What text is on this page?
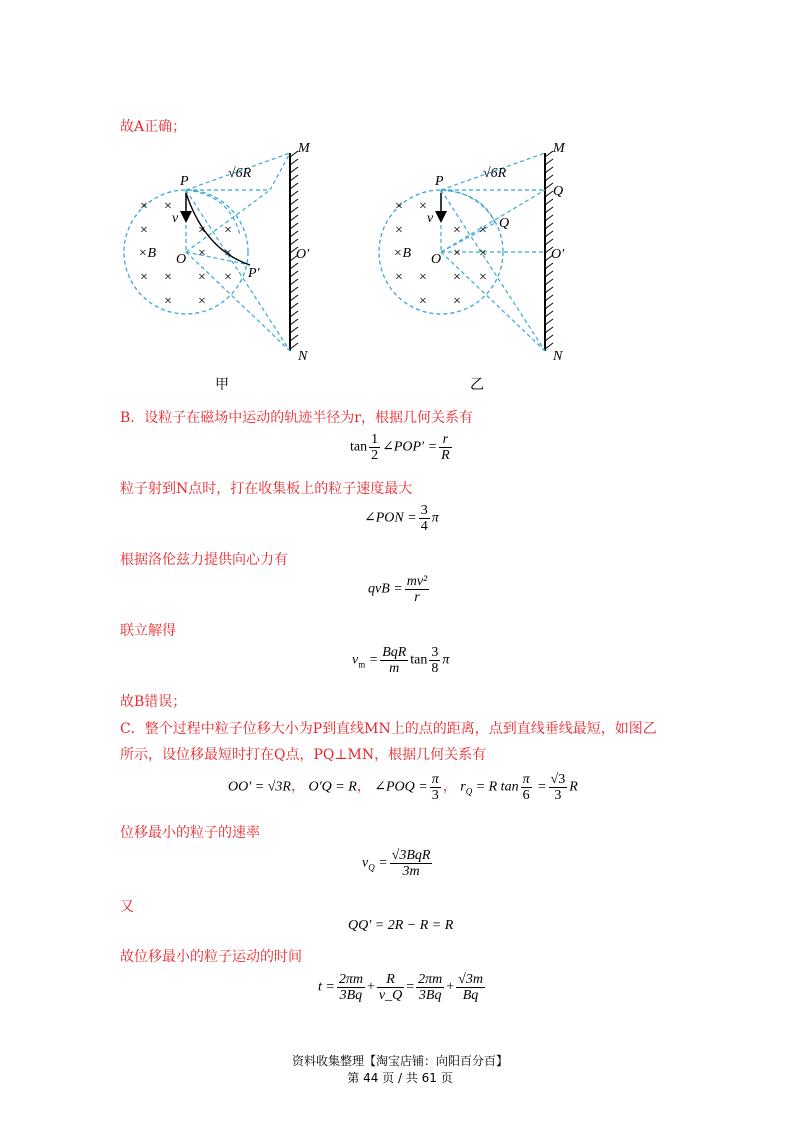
故A正确；
× ×
×	× ×
× ×
× × × ×
× ×
P
v
×B O
P'
O'
M
N
√6R
甲
× ×
×	× ×
× ×
× × × ×
× ×
P
v
×B O
Q
Q
O'
M
N
√6R
乙
B．设粒子在磁场中运动的轨迹半径为r，根据几何关系有
$\tan \frac{1}{2}$ ∠POP′ = $\frac{r}{R}$
粒子射到N点时，打在收集板上的粒子速度最大
∠PON = $\frac{3}{4}$ π
根据洛伦兹力提供向心力有
qvB = $\frac{\text{mv²}}{r}$
联立解得
$v_m = \frac{\text{BqR}}{m}$ $\tan \frac{3}{8}$ π
故B错误；
C．整个过程中粒子位移大小为P到直线MN上的点的距离，点到直线垂线最短，如图乙
所示，设位移最短时打在Q点，PQ⊥MN，根据几何关系有
OO′ = √3R， O′Q = R， ∠POQ = $\frac{\pi}{3}$ ， $r_Q = R$ $\tan \frac{\pi}{6} = \frac{√3}{3}$ R
位移最小的粒子的速率
$v_Q = \frac{\text{√3BqR}}{3m}$
又
QQ′ = 2R − R = R
故位移最小的粒子运动的时间
$t = \frac{2\pi m}{3Bq} + \frac{R}{v\_Q} = \frac{2\pi m}{3Bq} + \frac{√3m}{Bq}$
资料收集整理【淘宝店铺：向阳百分百】
第 44 页 / 共 61 页
